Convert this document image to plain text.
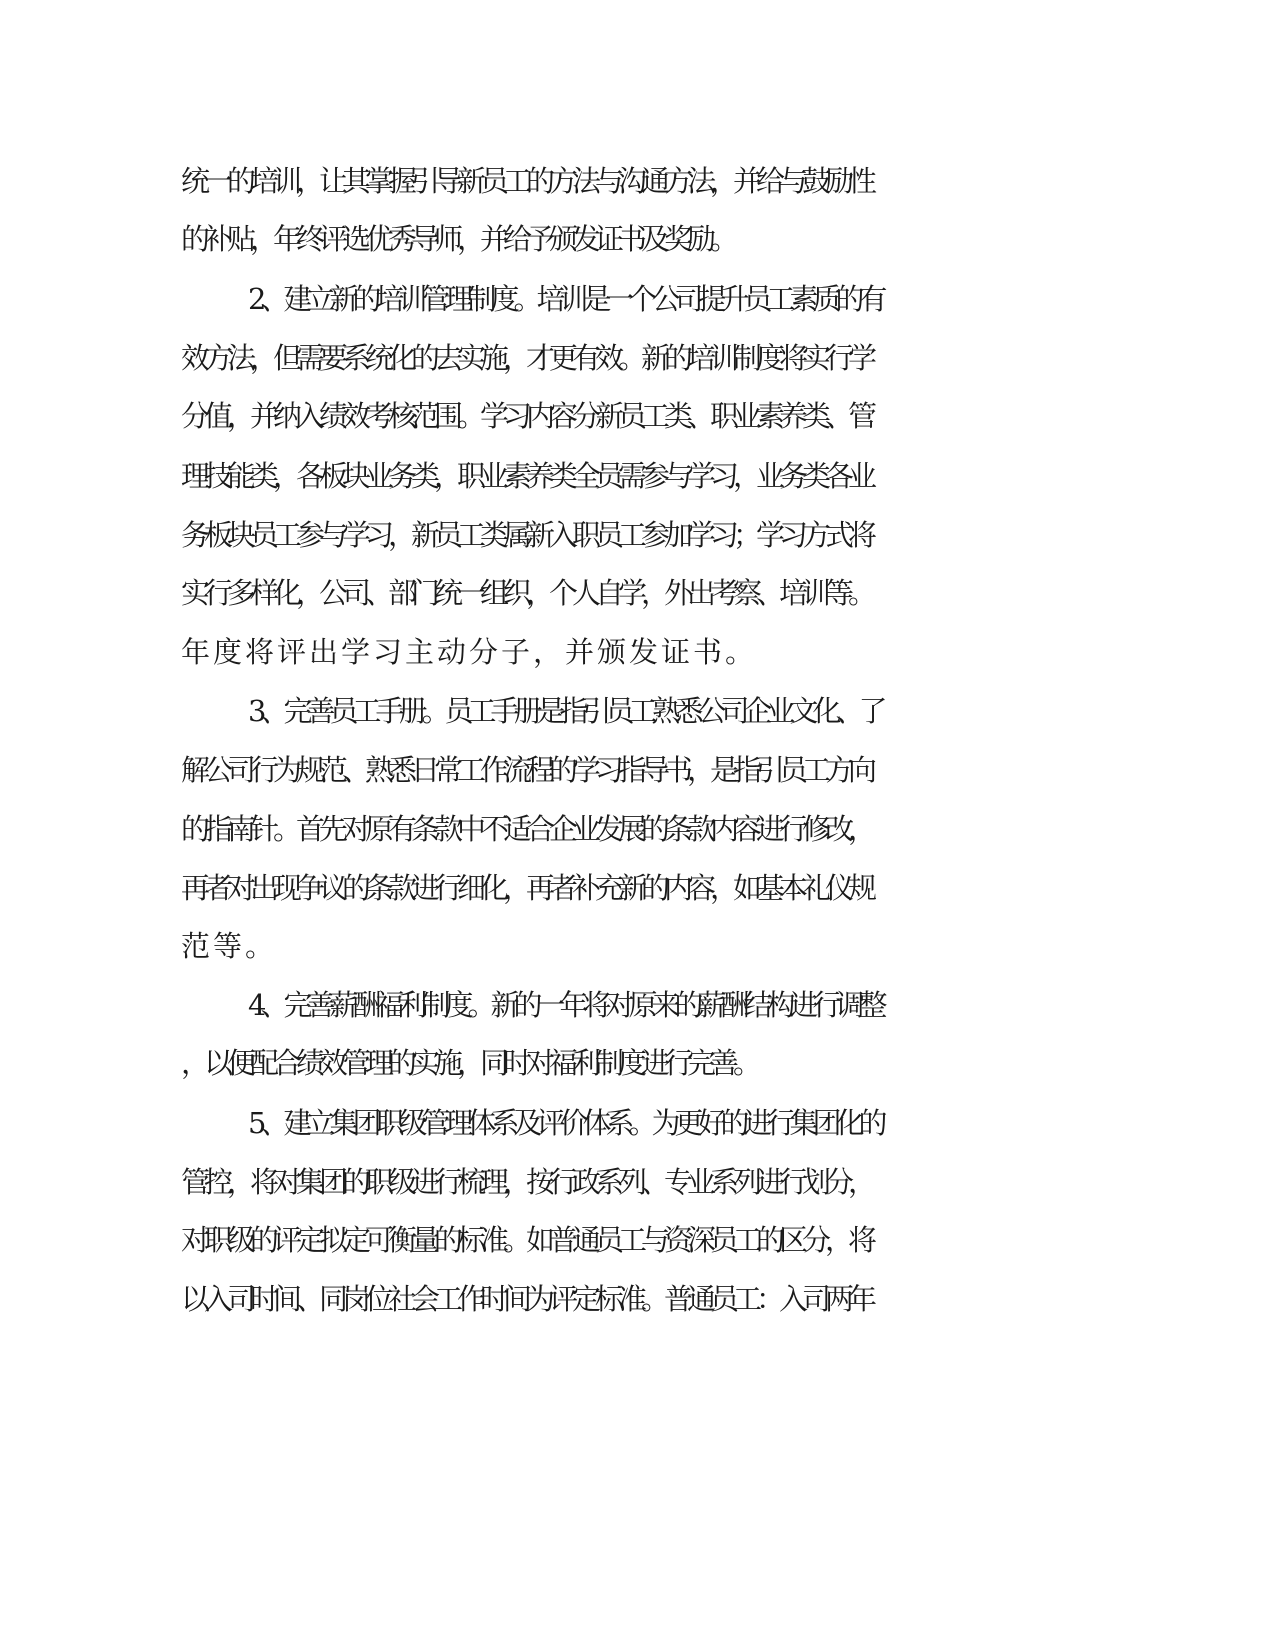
统一的培训，让其掌握引导新员工的方法与沟通方法，并给与鼓励性
的补贴，年终评选优秀导师，并给予颁发证书及奖励。
2、建立新的培训管理制度。培训是一个公司提升员工素质的有
效方法，但需要系统化的去实施，才更有效。新的培训制度将实行学
分值，并纳入绩效考核范围。学习内容分新员工类、职业素养类、管
理技能类，各板块业务类，职业素养类全员需参与学习，业务类各业
务板块员工参与学习，新员工类属新入职员工参加学习；学习方式将
实行多样化，公司、部门统一组织，个人自学，外出考察、培训等。
年度将评出学习主动分子，并颁发证书。
3、完善员工手册。员工手册是指引员工熟悉公司企业文化、了
解公司行为规范、熟悉日常工作流程的学习指导书，是指引员工方向
的指南针。首先对原有条款中不适合企业发展的条款内容进行修改，
再者对出现争议的条款进行细化，再者补充新的内容，如基本礼仪规
范等。
4、完善薪酬福利制度。新的一年将对原来的薪酬结构进行调整
，以便配合绩效管理的实施，同时对福利制度进行完善。
5、建立集团职级管理体系及评价体系。为更好的进行集团化的
管控，将对集团的职级进行梳理，按行政系列、专业系列进行划分，
对职级的评定拟定可衡量的标准。如普通员工与资深员工的区分，将
以入司时间、同岗位社会工作时间为评定标准。普通员工：入司两年
